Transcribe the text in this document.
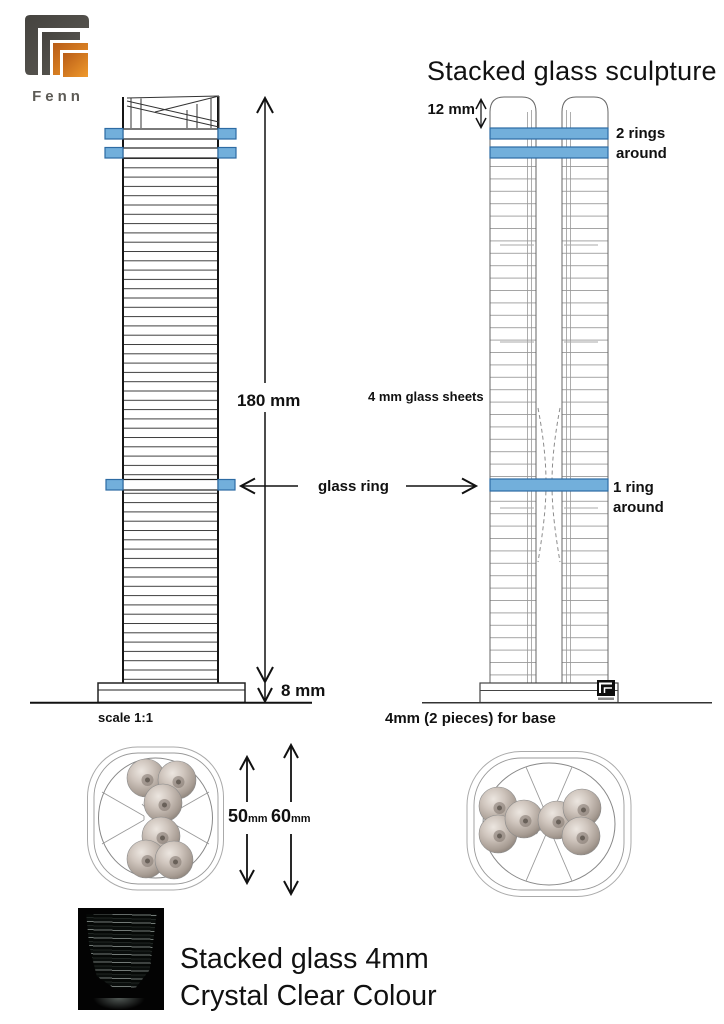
Fenn
Stacked glass sculpture
12 mm
2 rings
around
180 mm	4 mm glass sheets
glass ring	1 ring
around
8 mm
scale 1:1	4mm (2 pieces) for base
50mm 60mm
Stacked glass 4mm
Crystal Clear Colour
